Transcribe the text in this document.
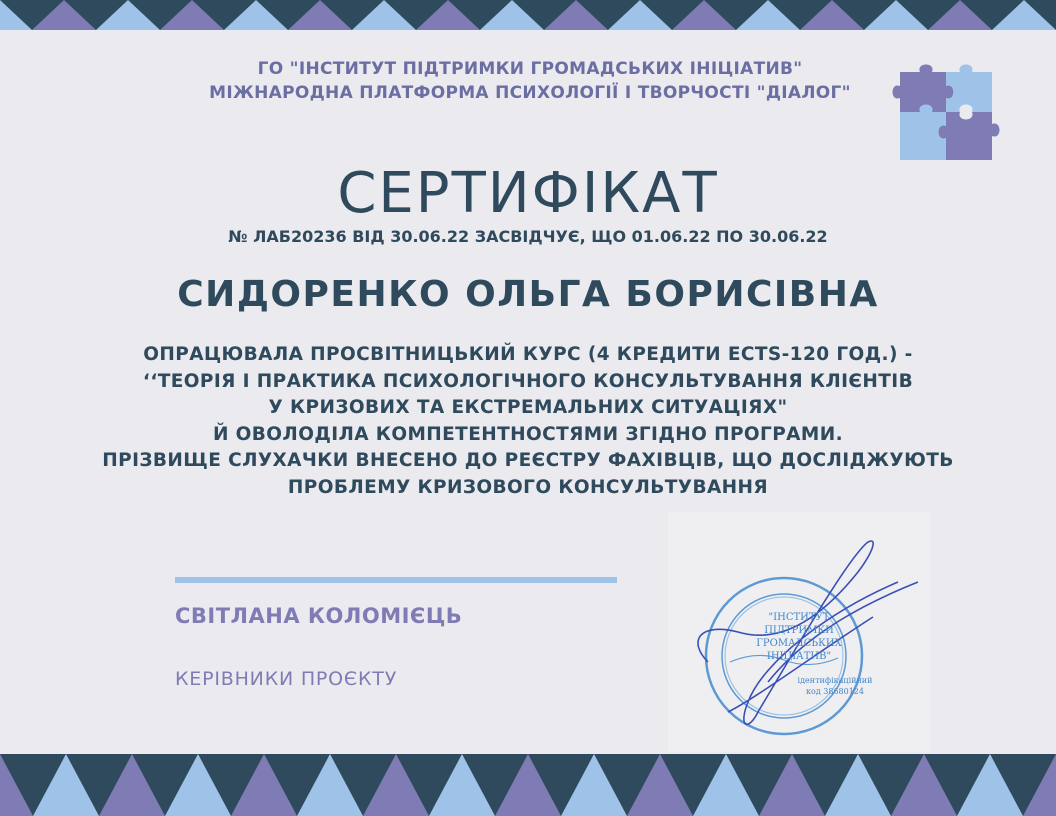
ГО "ІНСТИТУТ ПІДТРИМКИ ГРОМАДСЬКИХ ІНІЦІАТИВ"
МІЖНАРОДНА ПЛАТФОРМА ПСИХОЛОГІЇ І ТВОРЧОСТІ "ДІАЛОГ"
СЕРТИФІКАТ
№ ЛАБ20236 ВІД 30.06.22 ЗАСВІДЧУЄ, ЩО 01.06.22 ПО 30.06.22
СИДОРЕНКО ОЛЬГА БОРИСІВНА
ОПРАЦЮВАЛА ПРОСВІТНИЦЬКИЙ КУРС (4 КРЕДИТИ ECTS-120 ГОД.) -
‘‘ТЕОРІЯ І ПРАКТИКА ПСИХОЛОГІЧНОГО КОНСУЛЬТУВАННЯ КЛІЄНТІВ
У КРИЗОВИХ ТА ЕКСТРЕМАЛЬНИХ СИТУАЦІЯХ"
Й ОВОЛОДІЛА КОМПЕТЕНТНОСТЯМИ ЗГІДНО ПРОГРАМИ.
ПРІЗВИЩЕ СЛУХАЧКИ ВНЕСЕНО ДО РЕЄСТРУ ФАХІВЦІВ, ЩО ДОСЛІДЖУЮТЬ
ПРОБЛЕМУ КРИЗОВОГО КОНСУЛЬТУВАННЯ
СВІТЛАНА КОЛОМІЄЦЬ
КЕРІВНИКИ ПРОЄКТУ
"ІНСТИТУТ
ПІДТРИМКИ
ГРОМАДСЬКИХ
ІНІЦІАТИВ"
ідентифікаційний
код 38680124
